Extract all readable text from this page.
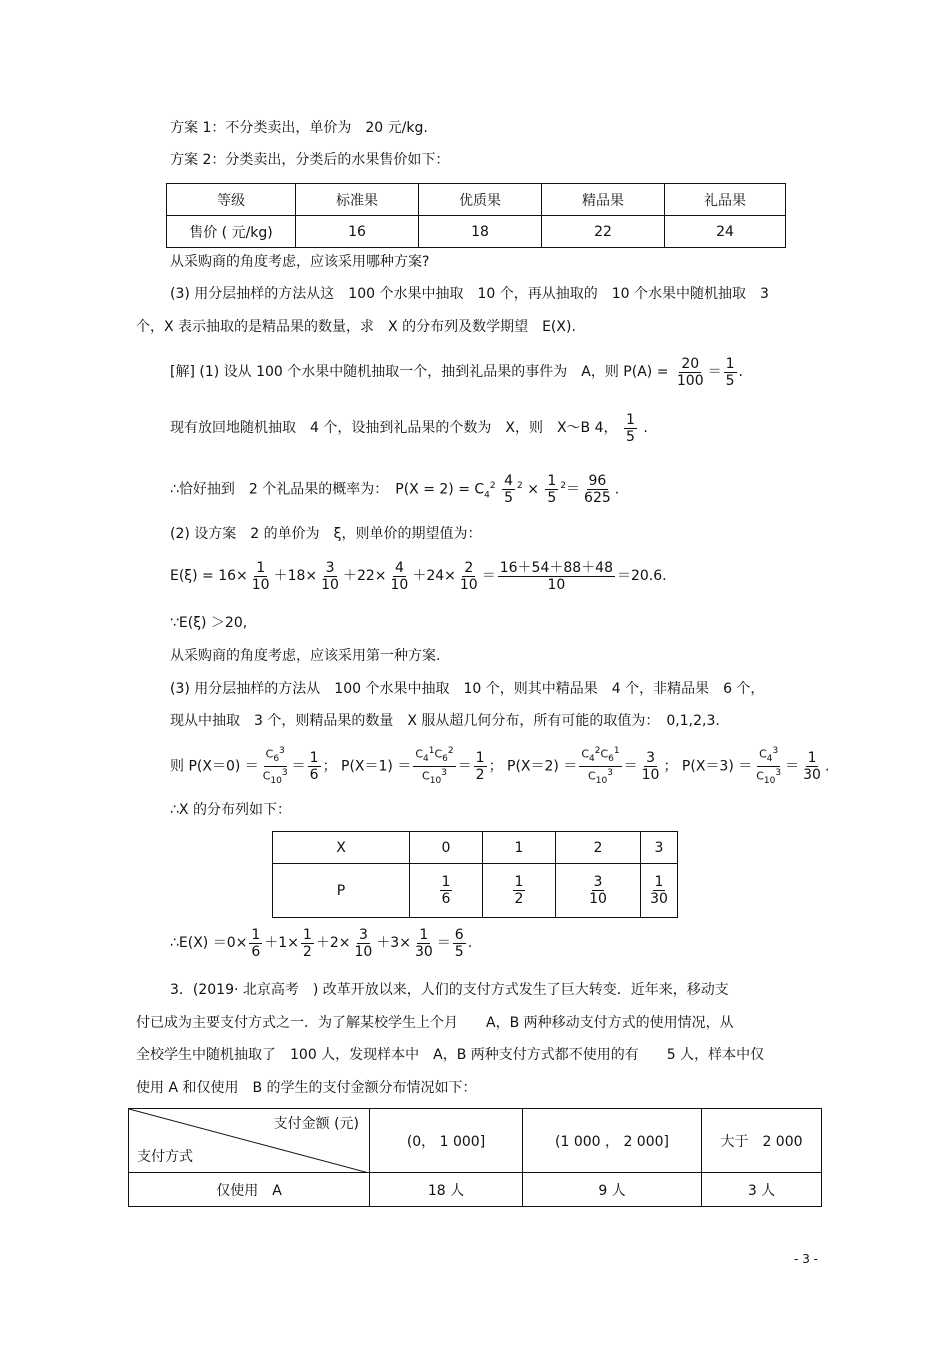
方案 1：不分类卖出，单价为　20 元/kg.
方案 2：分类卖出，分类后的水果售价如下：
等级	标准果	优质果	精品果	礼品果
售价 ( 元/kg)	16	18	22	24
从采购商的角度考虑，应该采用哪种方案?
(3) 用分层抽样的方法从这　100 个水果中抽取　10 个，再从抽取的　10 个水果中随机抽取　3
个，X 表示抽取的是精品果的数量，求　X 的分布列及数学期望　E(X).
[解] (1) 设从 100 个水果中随机抽取一个，抽到礼品果的事件为　A，则 $P(A) = \frac{20}{100} = \frac{1}{5}$ .
现有放回地随机抽取　4 个，设抽到礼品果的个数为　X，则　X～B 4， $\frac{1}{5}$ .
∴恰好抽到　2 个礼品果的概率为：　$P(X = 2) = C_4^2 \frac{4}{5} ^2 \times \frac{1}{5} ^2= \frac{96}{625}$ .
(2) 设方案　2 的单价为　ξ，则单价的期望值为：
$E(\xi) = 16\times \frac{1}{10} +18\times \frac{3}{10} +22\times \frac{4}{10} +24\times \frac{2}{10} = \frac{16+54+88+48}{10} =20.6$.
∵E(ξ) ＞20,
从采购商的角度考虑，应该采用第一种方案.
(3) 用分层抽样的方法从　100 个水果中抽取　10 个，则其中精品果　4 个，非精品果　6 个，
现从中抽取　3 个，则精品果的数量　X 服从超几何分布，所有可能的取值为：　0,1,2,3.
则 $P(X=0) = \frac{C_6^3}{C_{10}^3} = \frac{1}{6}$ ； $P(X=1) = \frac{C_4^1C_6^2}{C_{10}^3} = \frac{1}{2}$ ； $P(X=2) = \frac{C_4^2C_6^1}{C_{10}^3} = \frac{3}{10}$ ； $P(X=3) = \frac{C_4^3}{C_{10}^3} = \frac{1}{30}$ .
∴X 的分布列如下：
X	0	1	2	3
P	$\frac{1}{6}$	$\frac{1}{2}$	$\frac{3}{10}$	$\frac{1}{30}$
∴E(X) $=0\times \frac{1}{6} +1\times \frac{1}{2} +2\times \frac{3}{10} +3\times \frac{1}{30} = \frac{6}{5}$ .
3．(2019· 北京高考　) 改革开放以来，人们的支付方式发生了巨大转变．近年来，移动支
付已成为主要支付方式之一．为了解某校学生上个月　　A，B 两种移动支付方式的使用情况，从
全校学生中随机抽取了　100 人，发现样本中　A，B 两种支付方式都不使用的有　　5 人，样本中仅
使用 A 和仅使用　B 的学生的支付金额分布情况如下：
支付金额 (元)
支付方式	(0， 1 000]	(1 000 ， 2 000]	大于　2 000
仅使用　A	18 人	9 人	3 人
- 3 -
